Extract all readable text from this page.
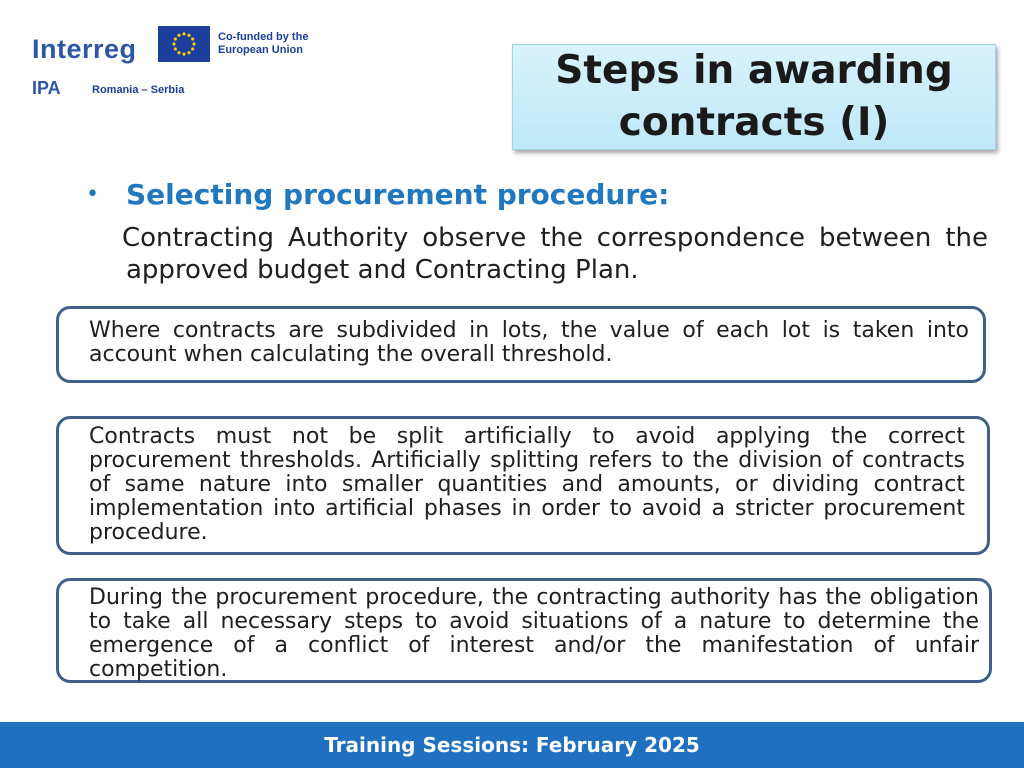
Interreg	Co-funded by the European Union
IPA	Romania – Serbia	Steps in awarding contracts (I)
• Selecting procurement procedure:
Contracting Authority observe the correspondence between the approved budget and Contracting Plan.
Where contracts are subdivided in lots, the value of each lot is taken into account when calculating the overall threshold.
Contracts must not be split artificially to avoid applying the correct procurement thresholds. Artificially splitting refers to the division of contracts of same nature into smaller quantities and amounts, or dividing contract implementation into artificial phases in order to avoid a stricter procurement procedure.
During the procurement procedure, the contracting authority has the obligation to take all necessary steps to avoid situations of a nature to determine the emergence of a conflict of interest and/or the manifestation of unfair competition.
Training Sessions: February 2025
